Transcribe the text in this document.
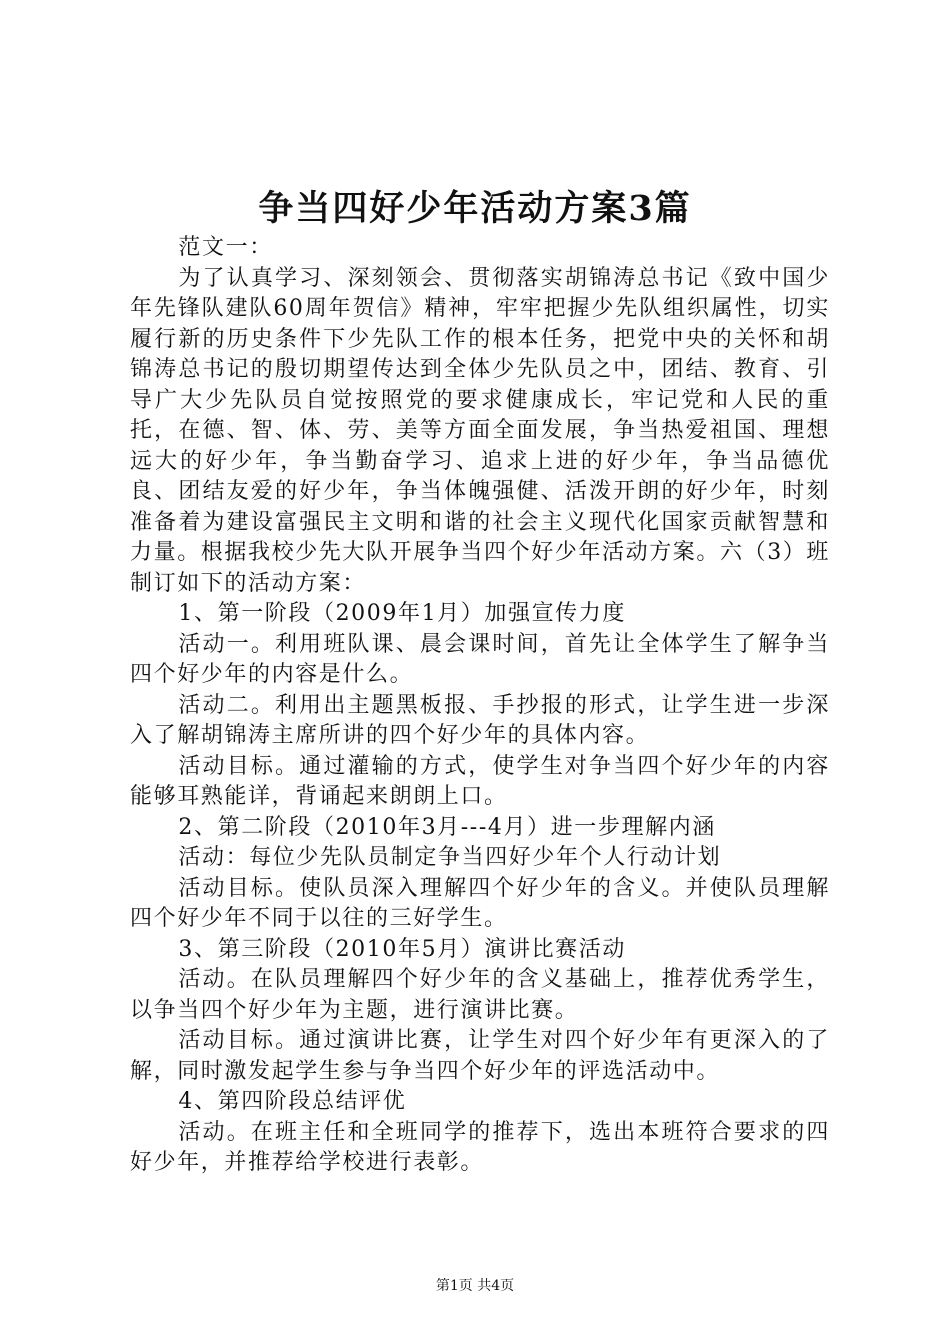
争当四好少年活动方案3篇

范文一：

为了认真学习、深刻领会、贯彻落实胡锦涛总书记《致中国少年先锋队建队60周年贺信》精神，牢牢把握少先队组织属性，切实履行新的历史条件下少先队工作的根本任务，把党中央的关怀和胡锦涛总书记的殷切期望传达到全体少先队员之中，团结、教育、引导广大少先队员自觉按照党的要求健康成长，牢记党和人民的重托，在德、智、体、劳、美等方面全面发展，争当热爱祖国、理想远大的好少年，争当勤奋学习、追求上进的好少年，争当品德优良、团结友爱的好少年，争当体魄强健、活泼开朗的好少年，时刻准备着为建设富强民主文明和谐的社会主义现代化国家贡献智慧和力量。根据我校少先大队开展争当四个好少年活动方案。六（3）班制订如下的活动方案：

1、第一阶段（2009年1月）加强宣传力度

活动一。利用班队课、晨会课时间，首先让全体学生了解争当四个好少年的内容是什么。

活动二。利用出主题黑板报、手抄报的形式，让学生进一步深入了解胡锦涛主席所讲的四个好少年的具体内容。

活动目标。通过灌输的方式，使学生对争当四个好少年的内容能够耳熟能详，背诵起来朗朗上口。

2、第二阶段（2010年3月---4月）进一步理解内涵

活动：每位少先队员制定争当四好少年个人行动计划

活动目标。使队员深入理解四个好少年的含义。并使队员理解四个好少年不同于以往的三好学生。

3、第三阶段（2010年5月）演讲比赛活动

活动。在队员理解四个好少年的含义基础上，推荐优秀学生，以争当四个好少年为主题，进行演讲比赛。

活动目标。通过演讲比赛，让学生对四个好少年有更深入的了解，同时激发起学生参与争当四个好少年的评选活动中。

4、第四阶段总结评优

活动。在班主任和全班同学的推荐下，选出本班符合要求的四好少年，并推荐给学校进行表彰。

第1页 共4页
